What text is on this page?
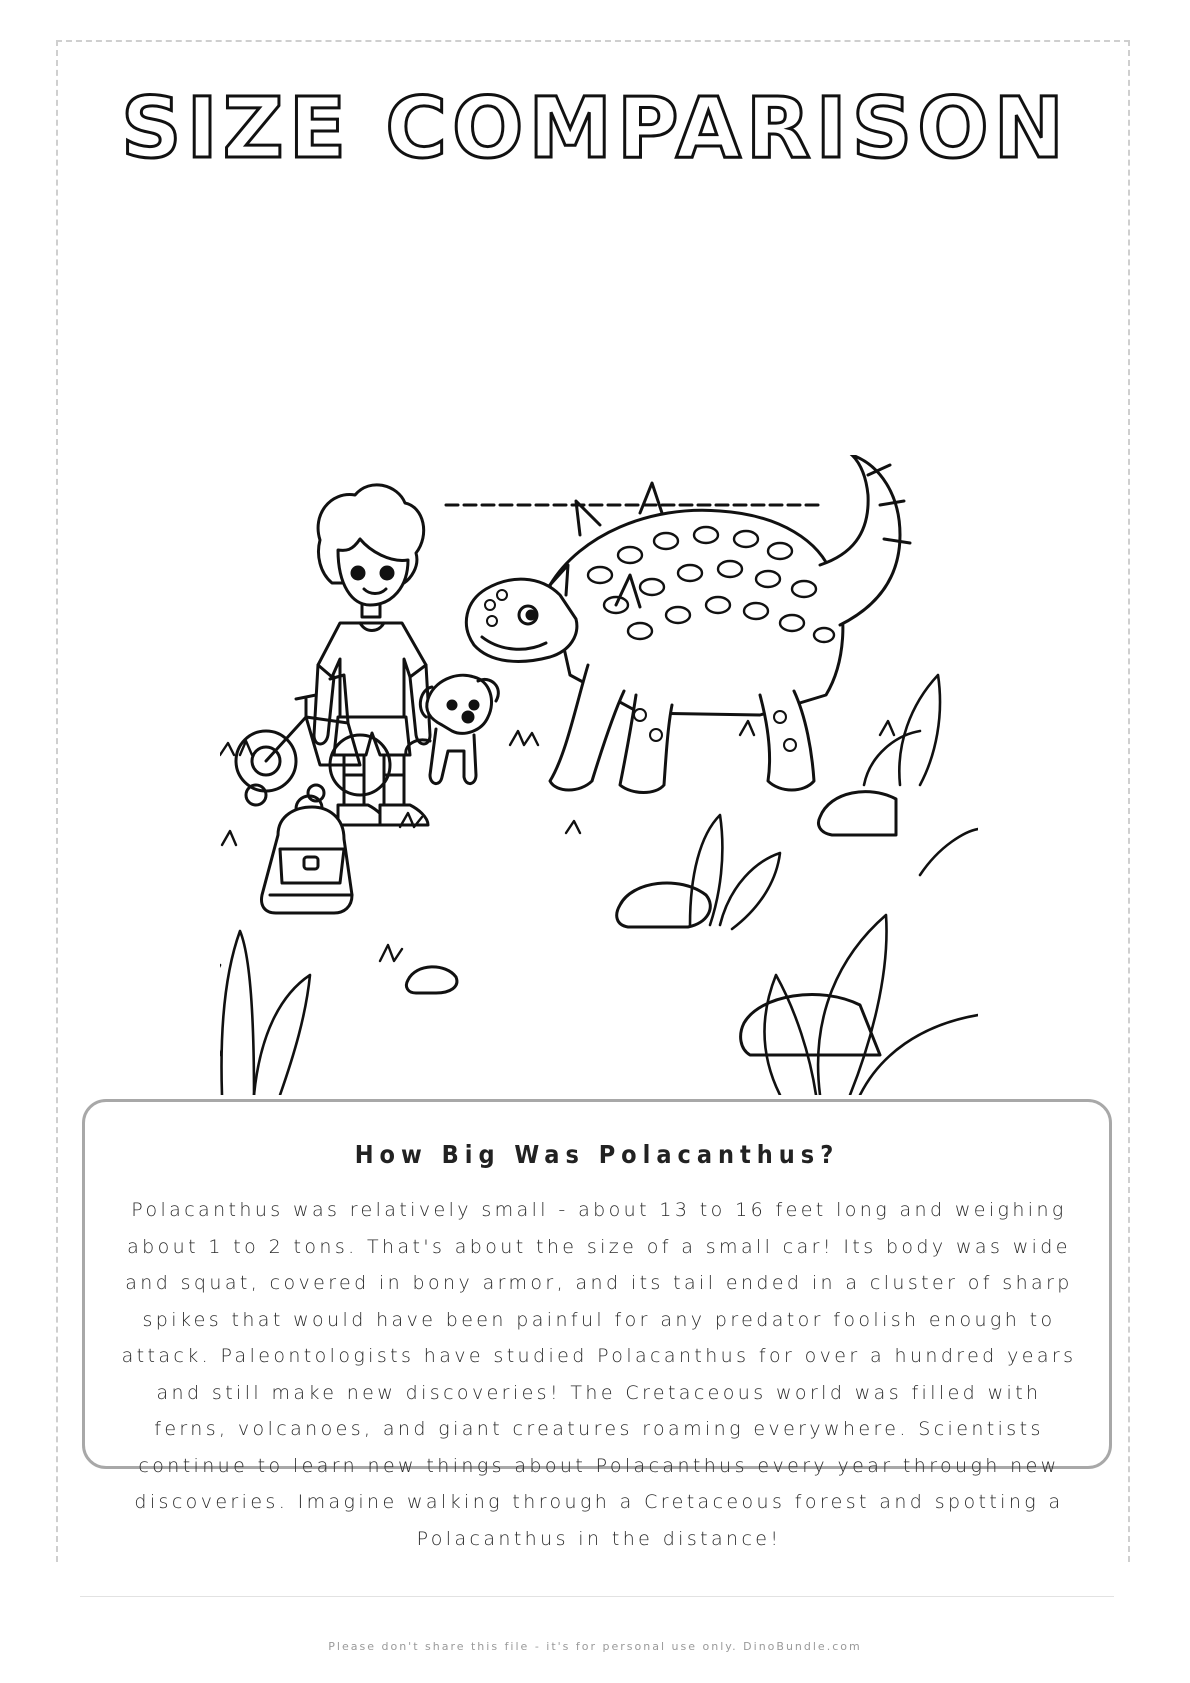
SIZE COMPARISON
How Big Was Polacanthus?

Polacanthus was relatively small - about 13 to 16 feet long and weighing about 1 to 2 tons. That's about the size of a small car! Its body was wide and squat, covered in bony armor, and its tail ended in a cluster of sharp spikes that would have been painful for any predator foolish enough to attack. Paleontologists have studied Polacanthus for over a hundred years and still make new discoveries! The Cretaceous world was filled with ferns, volcanoes, and giant creatures roaming everywhere. Scientists continue to learn new things about Polacanthus every year through new discoveries. Imagine walking through a Cretaceous forest and spotting a Polacanthus in the distance!

Please don't share this file - it's for personal use only. DinoBundle.com
